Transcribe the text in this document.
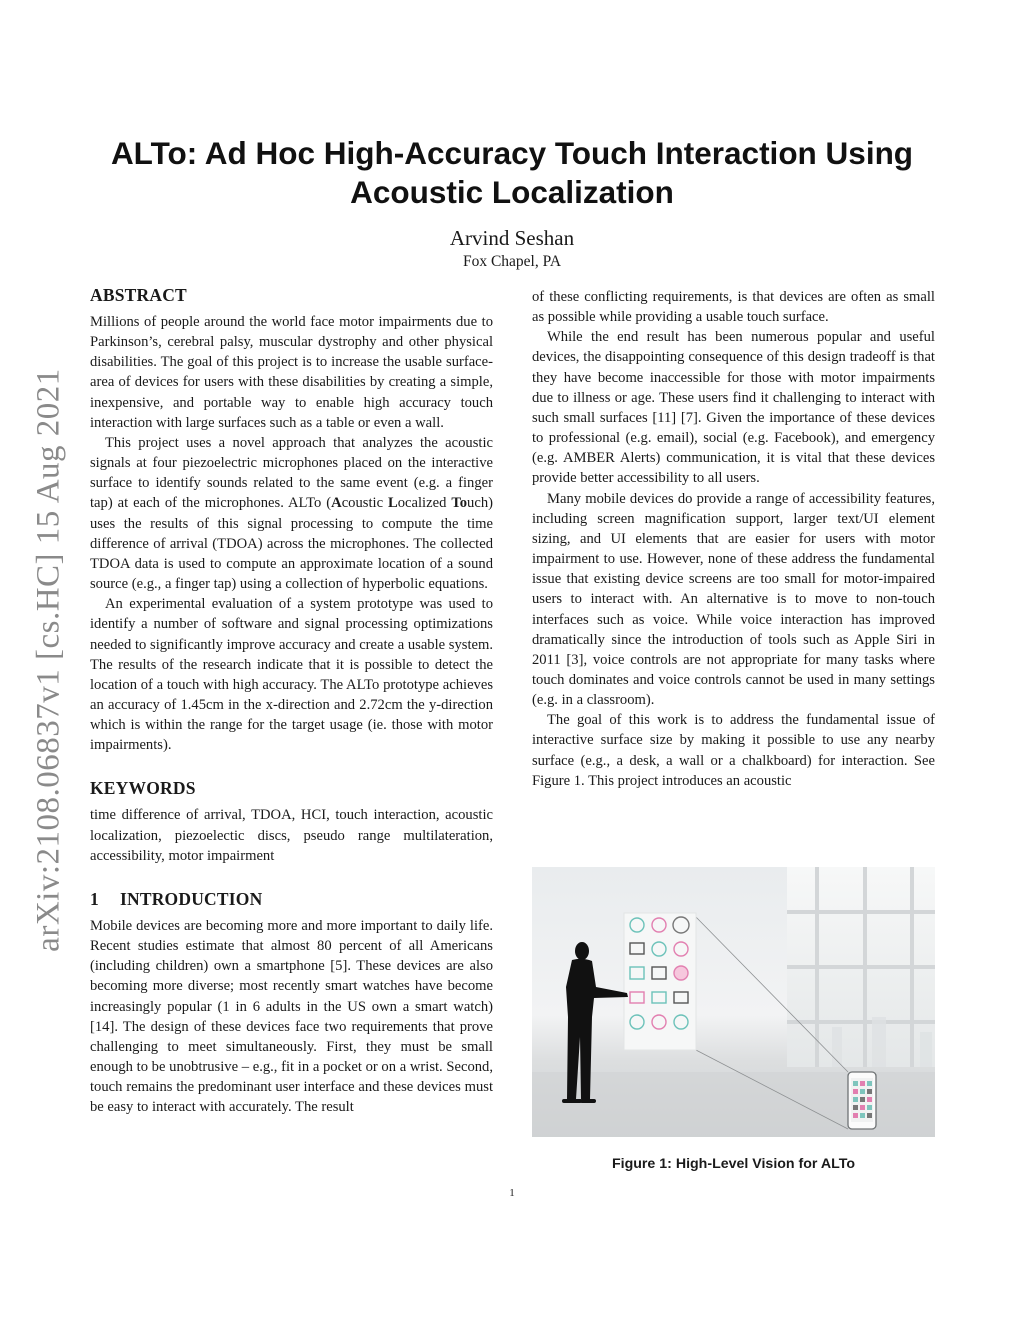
arXiv:2108.06837v1 [cs.HC] 15 Aug 2021
ALTo: Ad Hoc High-Accuracy Touch Interaction Using Acoustic Localization
Arvind Seshan
Fox Chapel, PA
ABSTRACT

Millions of people around the world face motor impairments due to Parkinson’s, cerebral palsy, muscular dystrophy and other physical disabilities. The goal of this project is to increase the usable surface-area of devices for users with these disabilities by creating a simple, inexpensive, and portable way to enable high accuracy touch interaction with large surfaces such as a table or even a wall.

This project uses a novel approach that analyzes the acoustic signals at four piezoelectric microphones placed on the interactive surface to identify sounds related to the same event (e.g. a finger tap) at each of the microphones. ALTo (Acoustic Localized Touch) uses the results of this signal processing to compute the time difference of arrival (TDOA) across the microphones. The collected TDOA data is used to compute an approximate location of a sound source (e.g., a finger tap) using a collection of hyperbolic equations.

An experimental evaluation of a system prototype was used to identify a number of software and signal processing optimizations needed to significantly improve accuracy and create a usable system. The results of the research indicate that it is possible to detect the location of a touch with high accuracy. The ALTo prototype achieves an accuracy of 1.45cm in the x-direction and 2.72cm the y-direction which is within the range for the target usage (ie. those with motor impairments).

KEYWORDS

time difference of arrival, TDOA, HCI, touch interaction, acoustic localization, piezoelectic discs, pseudo range multilateration, accessibility, motor impairment

1 INTRODUCTION

Mobile devices are becoming more and more important to daily life. Recent studies estimate that almost 80 percent of all Americans (including children) own a smartphone [5]. These devices are also becoming more diverse; most recently smart watches have become increasingly popular (1 in 6 adults in the US own a smart watch) [14]. The design of these devices face two requirements that prove challenging to meet simultaneously. First, they must be small enough to be unobtrusive – e.g., fit in a pocket or on a wrist. Second, touch remains the predominant user interface and these devices must be easy to interact with accurately. The result

of these conflicting requirements, is that devices are often as small as possible while providing a usable touch surface.

While the end result has been numerous popular and useful devices, the disappointing consequence of this design tradeoff is that they have become inaccessible for those with motor impairments due to illness or age. These users find it challenging to interact with such small surfaces [11] [7]. Given the importance of these devices to professional (e.g. email), social (e.g. Facebook), and emergency (e.g. AMBER Alerts) communication, it is vital that these devices provide better accessibility to all users.

Many mobile devices do provide a range of accessibility features, including screen magnification support, larger text/UI element sizing, and UI elements that are easier for users with motor impairment to use. However, none of these address the fundamental issue that existing device screens are too small for motor-impaired users to interact with. An alternative is to move to non-touch interfaces such as voice. While voice interaction has improved dramatically since the introduction of tools such as Apple Siri in 2011 [3], voice controls are not appropriate for many tasks where touch dominates and voice controls cannot be used in many settings (e.g. in a classroom).

The goal of this work is to address the fundamental issue of interactive surface size by making it possible to use any nearby surface (e.g., a desk, a wall or a chalkboard) for interaction. See Figure 1. This project introduces an acoustic

Figure 1: High-Level Vision for ALTo
1
